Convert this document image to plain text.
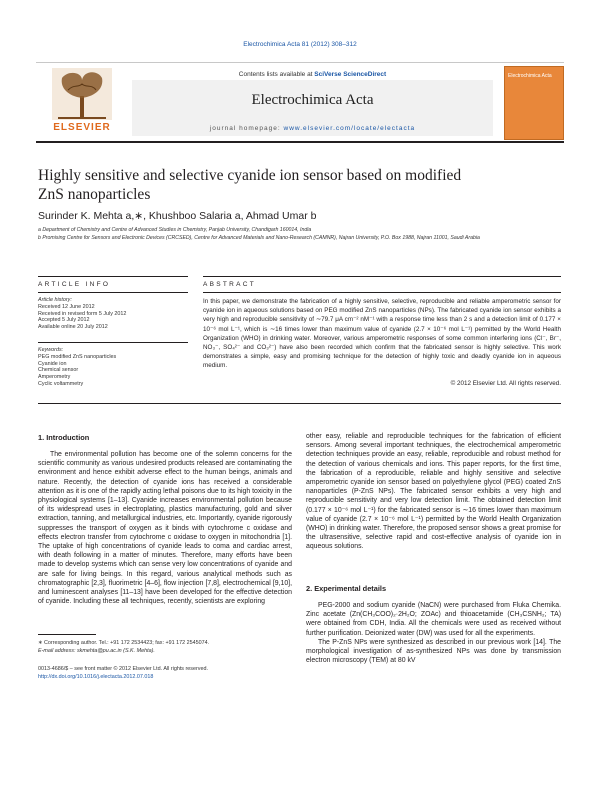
Electrochimica Acta 81 (2012) 308–312
ELSEVIER
Contents lists available at SciVerse ScienceDirect
Electrochimica Acta
journal homepage: www.elsevier.com/locate/electacta
Electrochimica Acta
Highly sensitive and selective cyanide ion sensor based on modified
ZnS nanoparticles
Surinder K. Mehta a,∗, Khushboo Salaria a, Ahmad Umar b
a Department of Chemistry and Centre of Advanced Studies in Chemistry, Panjab University, Chandigarh 160014, India
b Promising Centre for Sensors and Electronic Devices (CRCSED), Centre for Advanced Materials and Nano-Research (CAMNR), Najran University, P.O. Box 1988, Najran 11001, Saudi Arabia
ARTICLE INFO
Article history:
Received 12 June 2012
Received in revised form 5 July 2012
Accepted 5 July 2012
Available online 20 July 2012
Keywords:
PEG modified ZnS nanoparticles
Cyanide ion
Chemical sensor
Amperometry
Cyclic voltammetry
ABSTRACT
In this paper, we demonstrate the fabrication of a highly sensitive, selective, reproducible and reliable amperometric sensor for cyanide ion in aqueous solutions based on PEG modified ZnS nanoparticles (NPs). The fabricated cyanide ion sensor exhibits a very high and reproducible sensitivity of ∼79.7 μA cm⁻² nM⁻¹ with a response time less than 2 s and a detection limit of 0.177 × 10⁻⁶ mol L⁻¹, which is ∼16 times lower than maximum value of cyanide (2.7 × 10⁻⁶ mol L⁻¹) permitted by the World Health Organization (WHO) in drinking water. Moreover, various amperometric responses of some common interfering ions (Cl⁻, Br⁻, NO₃⁻, SO₄²⁻ and CO₃²⁻) have also been recorded which confirm that the fabricated sensor is highly selective. This work demonstrates a simple, easy and promising technique for the detection of highly toxic and deadly cyanide ion in aqueous medium.
© 2012 Elsevier Ltd. All rights reserved.
1. Introduction

The environmental pollution has become one of the solemn concerns for the scientific community as various undesired products released are contaminating the environment and hence exhibit adverse effect to the human beings, animals and nature. Recently, the detection of cyanide ions has received a considerable attention as it is one of the rapidly acting lethal poisons due to its high toxicity in the physiological systems [1–13]. Cyanide increases environmental pollution because of its widespread uses in electroplating, plastics manufacturing, gold and silver extraction, tanning, and metallurgical industries, etc. Importantly, cyanide rigorously suppresses the transport of oxygen as it binds with cytochrome c oxidase and effects electron transfer from cytochrome c oxidase to oxygen in mitochondria [1]. The uptake of high concentrations of cyanide leads to coma and cardiac arrest, with death following in a matter of minutes. Therefore, many efforts have been made to develop systems which can sense very low concentrations of cyanide and are safe for living beings. In this regard, various analytical methods such as chromatographic [2,3], fluorimetric [4–6], flow injection [7,8], electrochemical [9,10], and luminescent analyses [11–13] have been developed for the effective detection of cyanide. Including these all techniques, recently, scientists are exploring

other easy, reliable and reproducible techniques for the fabrication of efficient sensors. Among several important techniques, the electrochemical amperometric detection techniques provide an easy, reliable, reproducible and robust method for the detection of various chemicals and ions. This paper reports, for the first time, the fabrication of a reproducible, reliable and highly sensitive and selective amperometric cyanide ion sensor based on polyethylene glycol (PEG) coated ZnS nanoparticles (P-ZnS NPs). The fabricated sensor exhibits a very high and reproducible sensitivity and very low detection limit. The obtained detection limit (0.177 × 10⁻⁶ mol L⁻¹) for the fabricated sensor is ∼16 times lower than maximum value of cyanide (2.7 × 10⁻⁶ mol L⁻¹) permitted by the World Health Organization (WHO) in drinking water. Therefore, the proposed sensor shows a great promise for the ultrasensitive, selective rapid and cost-effective analysis of cyanide ion in aqueous solutions.

2. Experimental details

PEG-2000 and sodium cyanide (NaCN) were purchased from Fluka Chemika. Zinc acetate (Zn(CH₃COO)₂·2H₂O; ZOAc) and thioacetamide (CH₃CSNH₂; TA) were obtained from CDH, India. All the chemicals were used as received without further purification. Deionized water (DW) was used for all the experiments.

The P-ZnS NPs were synthesized as described in our previous work [14]. The morphological investigation of as-synthesized NPs was done by transmission electron microscopy (TEM) at 80 kV

∗ Corresponding author. Tel.: +91 172 2534423; fax: +91 172 2545074.
E-mail address: skmehta@pu.ac.in (S.K. Mehta).
0013-4686/$ – see front matter © 2012 Elsevier Ltd. All rights reserved.
http://dx.doi.org/10.1016/j.electacta.2012.07.018
